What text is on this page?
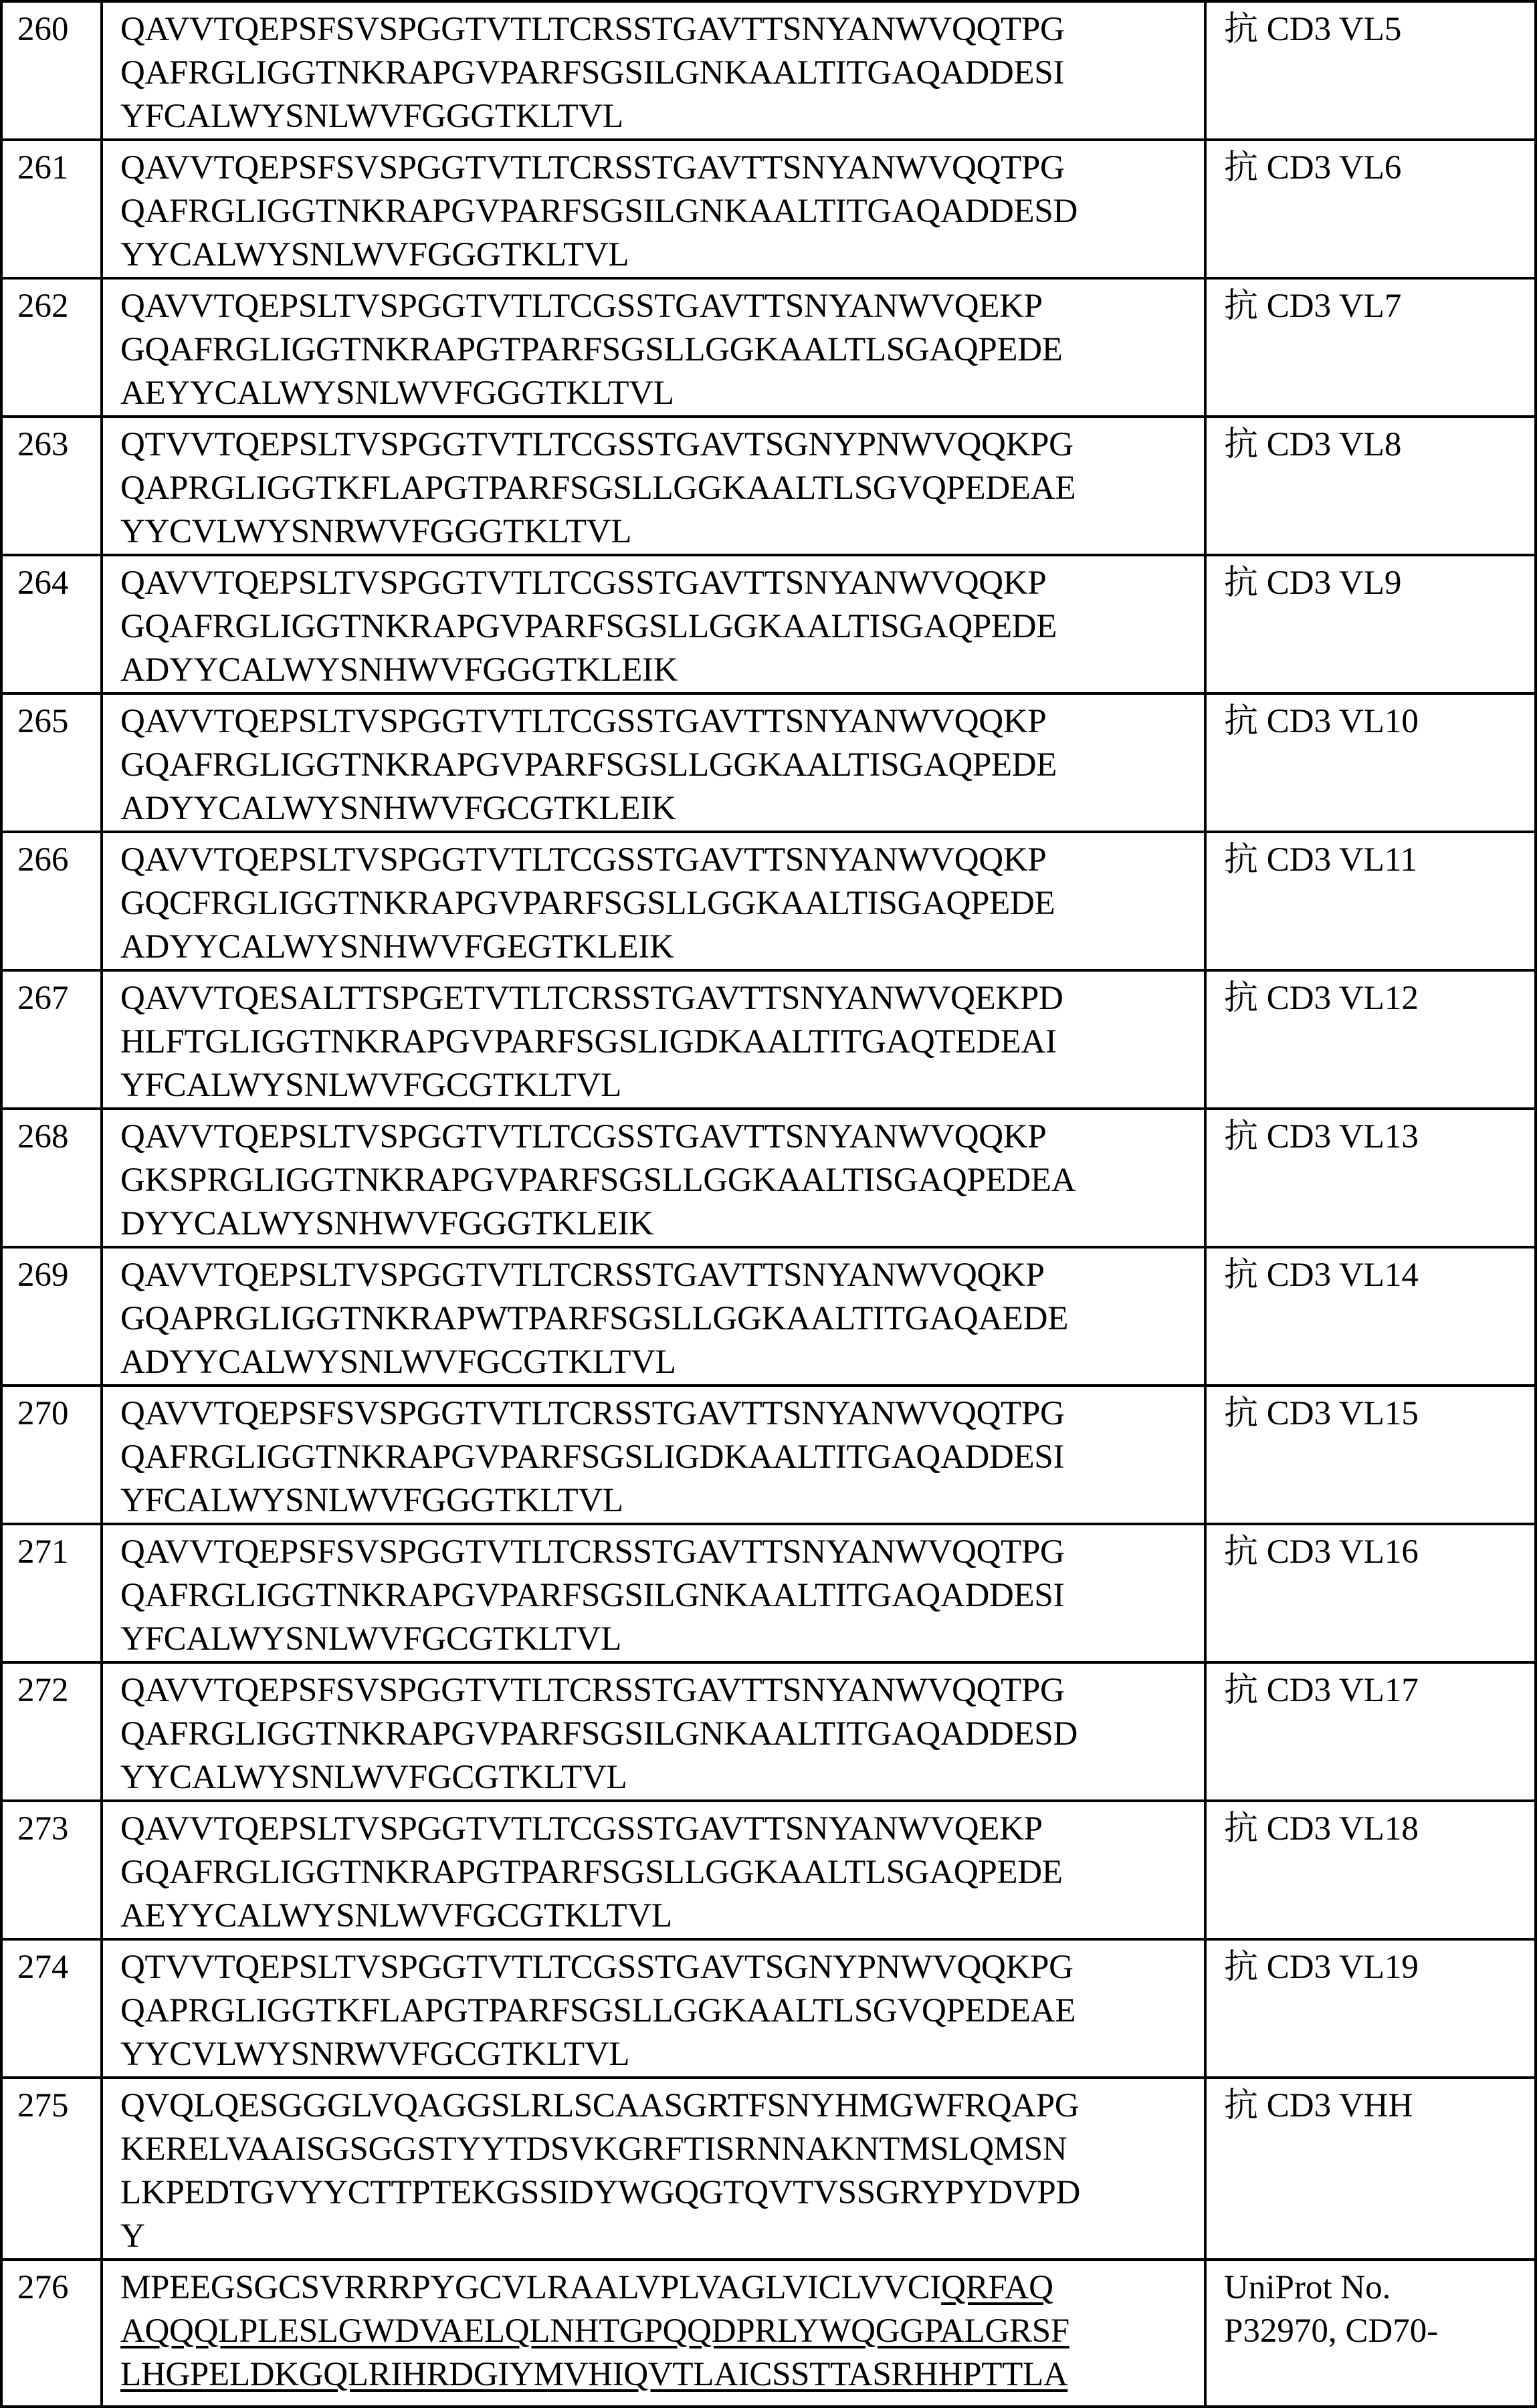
260	QAVVTQEPSFSVSPGGTVTLTCRSSTGAVTTSNYANWVQQTPG
QAFRGLIGGTNKRAPGVPARFSGSILGNKAALTITGAQADDESI
YFCALWYSNLWVFGGGTKLTVL
	抗 CD3 VL5
261	QAVVTQEPSFSVSPGGTVTLTCRSSTGAVTTSNYANWVQQTPG
QAFRGLIGGTNKRAPGVPARFSGSILGNKAALTITGAQADDESD
YYCALWYSNLWVFGGGTKLTVL
	抗 CD3 VL6
262	QAVVTQEPSLTVSPGGTVTLTCGSSTGAVTTSNYANWVQEKP
GQAFRGLIGGTNKRAPGTPARFSGSLLGGKAALTLSGAQPEDE
AEYYCALWYSNLWVFGGGTKLTVL
	抗 CD3 VL7
263	QTVVTQEPSLTVSPGGTVTLTCGSSTGAVTSGNYPNWVQQKPG
QAPRGLIGGTKFLAPGTPARFSGSLLGGKAALTLSGVQPEDEAE
YYCVLWYSNRWVFGGGTKLTVL
	抗 CD3 VL8
264	QAVVTQEPSLTVSPGGTVTLTCGSSTGAVTTSNYANWVQQKP
GQAFRGLIGGTNKRAPGVPARFSGSLLGGKAALTISGAQPEDE
ADYYCALWYSNHWVFGGGTKLEIK
	抗 CD3 VL9
265	QAVVTQEPSLTVSPGGTVTLTCGSSTGAVTTSNYANWVQQKP
GQAFRGLIGGTNKRAPGVPARFSGSLLGGKAALTISGAQPEDE
ADYYCALWYSNHWVFGCGTKLEIK
	抗 CD3 VL10
266	QAVVTQEPSLTVSPGGTVTLTCGSSTGAVTTSNYANWVQQKP
GQCFRGLIGGTNKRAPGVPARFSGSLLGGKAALTISGAQPEDE
ADYYCALWYSNHWVFGEGTKLEIK
	抗 CD3 VL11
267	QAVVTQESALTTSPGETVTLTCRSSTGAVTTSNYANWVQEKPD
HLFTGLIGGTNKRAPGVPARFSGSLIGDKAALTITGAQTEDEAI
YFCALWYSNLWVFGCGTKLTVL
	抗 CD3 VL12
268	QAVVTQEPSLTVSPGGTVTLTCGSSTGAVTTSNYANWVQQKP
GKSPRGLIGGTNKRAPGVPARFSGSLLGGKAALTISGAQPEDEA
DYYCALWYSNHWVFGGGTKLEIK
	抗 CD3 VL13
269	QAVVTQEPSLTVSPGGTVTLTCRSSTGAVTTSNYANWVQQKP
GQAPRGLIGGTNKRAPWTPARFSGSLLGGKAALTITGAQAEDE
ADYYCALWYSNLWVFGCGTKLTVL
	抗 CD3 VL14
270	QAVVTQEPSFSVSPGGTVTLTCRSSTGAVTTSNYANWVQQTPG
QAFRGLIGGTNKRAPGVPARFSGSLIGDKAALTITGAQADDESI
YFCALWYSNLWVFGGGTKLTVL
	抗 CD3 VL15
271	QAVVTQEPSFSVSPGGTVTLTCRSSTGAVTTSNYANWVQQTPG
QAFRGLIGGTNKRAPGVPARFSGSILGNKAALTITGAQADDESI
YFCALWYSNLWVFGCGTKLTVL
	抗 CD3 VL16
272	QAVVTQEPSFSVSPGGTVTLTCRSSTGAVTTSNYANWVQQTPG
QAFRGLIGGTNKRAPGVPARFSGSILGNKAALTITGAQADDESD
YYCALWYSNLWVFGCGTKLTVL
	抗 CD3 VL17
273	QAVVTQEPSLTVSPGGTVTLTCGSSTGAVTTSNYANWVQEKP
GQAFRGLIGGTNKRAPGTPARFSGSLLGGKAALTLSGAQPEDE
AEYYCALWYSNLWVFGCGTKLTVL
	抗 CD3 VL18
274	QTVVTQEPSLTVSPGGTVTLTCGSSTGAVTSGNYPNWVQQKPG
QAPRGLIGGTKFLAPGTPARFSGSLLGGKAALTLSGVQPEDEAE
YYCVLWYSNRWVFGCGTKLTVL
	抗 CD3 VL19
275	QVQLQESGGGLVQAGGSLRLSCAASGRTFSNYHMGWFRQAPG
KERELVAAISGSGGSTYYTDSVKGRFTISRNNAKNTMSLQMSN
LKPEDTGVYYCTTPTEKGSSIDYWGQGTQVTVSSGRYPYDVPD
Y
	抗 CD3 VHH
276	MPEEGSGCSVRRRPYGCVLRAALVPLVAGLVICLVVCIQRFAQ
AQQQLPLESLGWDVAELQLNHTGPQQDPRLYWQGGPALGRSF
LHGPELDKGQLRIHRDGIYMVHIQVTLAICSSTTASRHHPTTLA

UniProt No.
P32970, CD70-
